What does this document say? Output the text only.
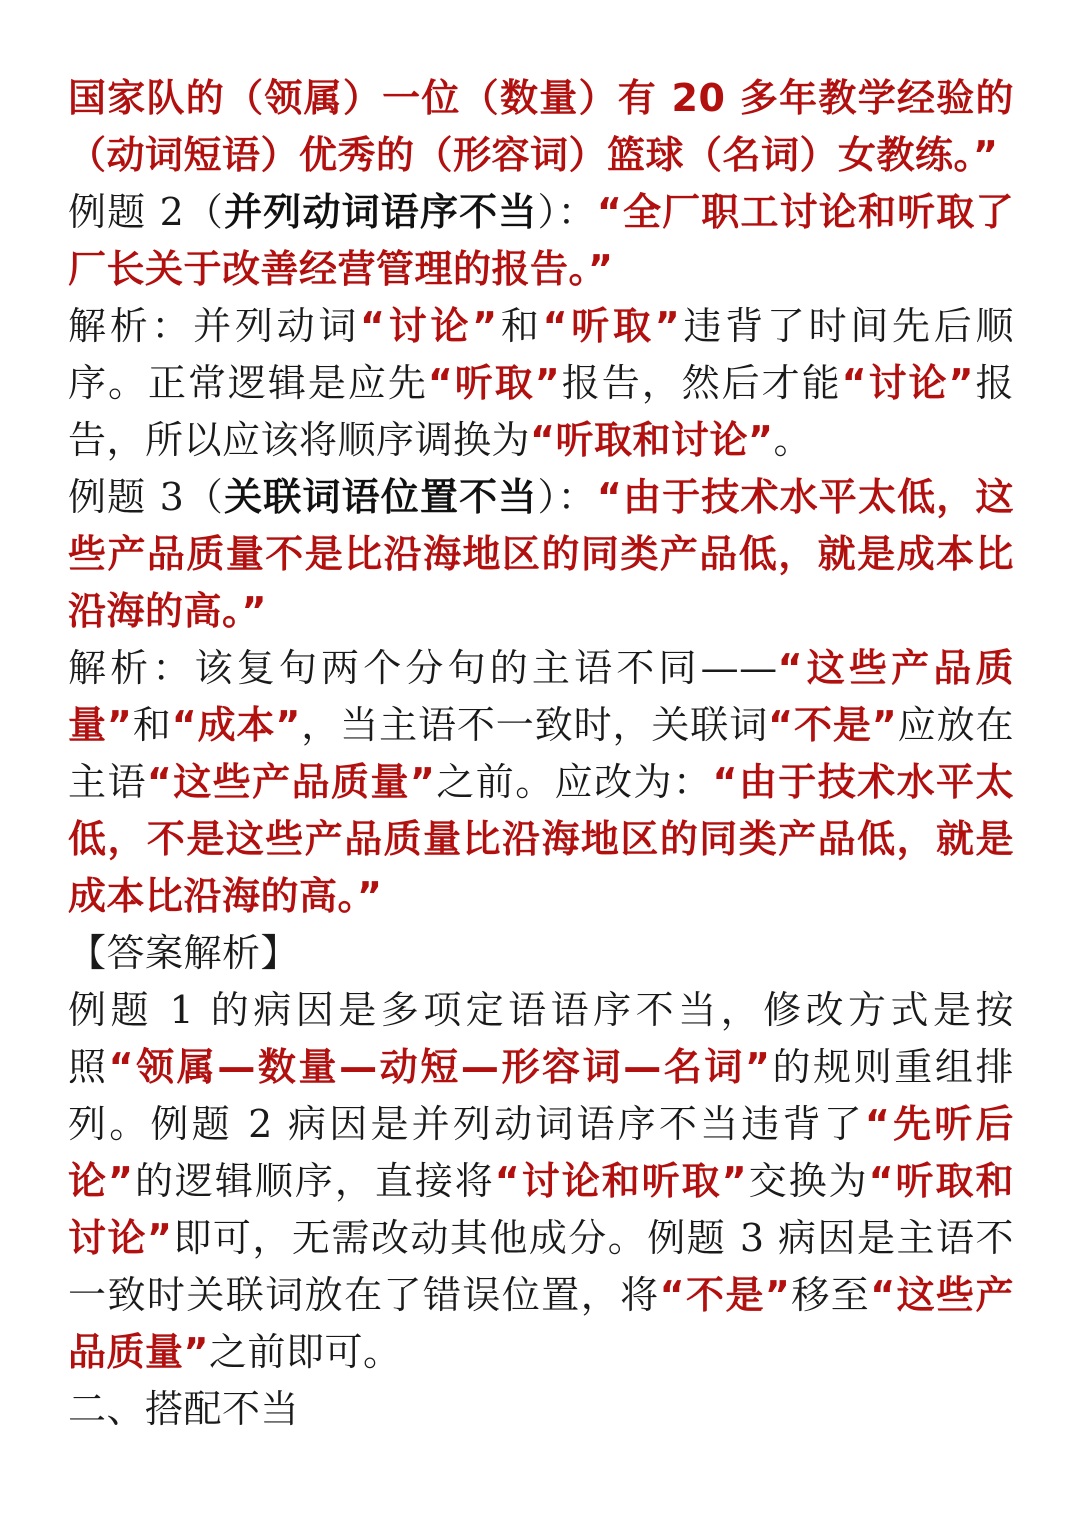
国家队的（领属）一位（数量）有 20 多年教学经验的（动词短语）优秀的（形容词）篮球（名词）女教练。”

例题 2（并列动词语序不当）：“全厂职工讨论和听取了厂长关于改善经营管理的报告。”

解析：并列动词“讨论”和“听取”违背了时间先后顺序。正常逻辑是应先“听取”报告，然后才能“讨论”报告，所以应该将顺序调换为“听取和讨论”。

例题 3（关联词语位置不当）：“由于技术水平太低，这些产品质量不是比沿海地区的同类产品低，就是成本比沿海的高。”

解析：该复句两个分句的主语不同——“这些产品质量”和“成本”，当主语不一致时，关联词“不是”应放在主语“这些产品质量”之前。应改为：“由于技术水平太低，不是这些产品质量比沿海地区的同类产品低，就是成本比沿海的高。”

【答案解析】

例题 1 的病因是多项定语语序不当，修改方式是按照“领属—数量—动短—形容词—名词”的规则重组排列。例题 2 病因是并列动词语序不当违背了“先听后论”的逻辑顺序，直接将“讨论和听取”交换为“听取和讨论”即可，无需改动其他成分。例题 3 病因是主语不一致时关联词放在了错误位置，将“不是”移至“这些产品质量”之前即可。

二、搭配不当
